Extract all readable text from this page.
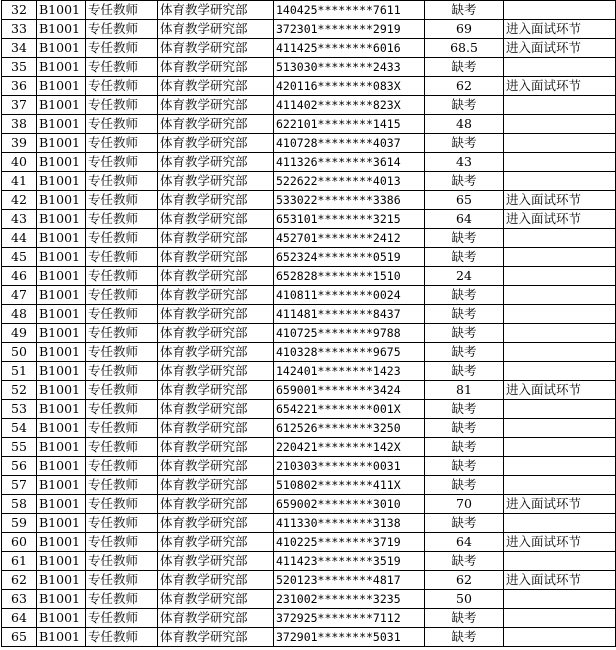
32	B1001	专任教师	体育教学研究部	140425********7611	缺考	
33	B1001	专任教师	体育教学研究部	372301********2919	69	进入面试环节
34	B1001	专任教师	体育教学研究部	411425********6016	68.5	进入面试环节
35	B1001	专任教师	体育教学研究部	513030********2433	缺考	
36	B1001	专任教师	体育教学研究部	420116********083X	62	进入面试环节
37	B1001	专任教师	体育教学研究部	411402********823X	缺考	
38	B1001	专任教师	体育教学研究部	622101********1415	48	
39	B1001	专任教师	体育教学研究部	410728********4037	缺考	
40	B1001	专任教师	体育教学研究部	411326********3614	43	
41	B1001	专任教师	体育教学研究部	522622********4013	缺考	
42	B1001	专任教师	体育教学研究部	533022********3386	65	进入面试环节
43	B1001	专任教师	体育教学研究部	653101********3215	64	进入面试环节
44	B1001	专任教师	体育教学研究部	452701********2412	缺考	
45	B1001	专任教师	体育教学研究部	652324********0519	缺考	
46	B1001	专任教师	体育教学研究部	652828********1510	24	
47	B1001	专任教师	体育教学研究部	410811********0024	缺考	
48	B1001	专任教师	体育教学研究部	411481********8437	缺考	
49	B1001	专任教师	体育教学研究部	410725********9788	缺考	
50	B1001	专任教师	体育教学研究部	410328********9675	缺考	
51	B1001	专任教师	体育教学研究部	142401********1423	缺考	
52	B1001	专任教师	体育教学研究部	659001********3424	81	进入面试环节
53	B1001	专任教师	体育教学研究部	654221********001X	缺考	
54	B1001	专任教师	体育教学研究部	612526********3250	缺考	
55	B1001	专任教师	体育教学研究部	220421********142X	缺考	
56	B1001	专任教师	体育教学研究部	210303********0031	缺考	
57	B1001	专任教师	体育教学研究部	510802********411X	缺考	
58	B1001	专任教师	体育教学研究部	659002********3010	70	进入面试环节
59	B1001	专任教师	体育教学研究部	411330********3138	缺考	
60	B1001	专任教师	体育教学研究部	410225********3719	64	进入面试环节
61	B1001	专任教师	体育教学研究部	411423********3519	缺考	
62	B1001	专任教师	体育教学研究部	520123********4817	62	进入面试环节
63	B1001	专任教师	体育教学研究部	231002********3235	50	
64	B1001	专任教师	体育教学研究部	372925********7112	缺考	
65	B1001	专任教师	体育教学研究部	372901********5031	缺考	
